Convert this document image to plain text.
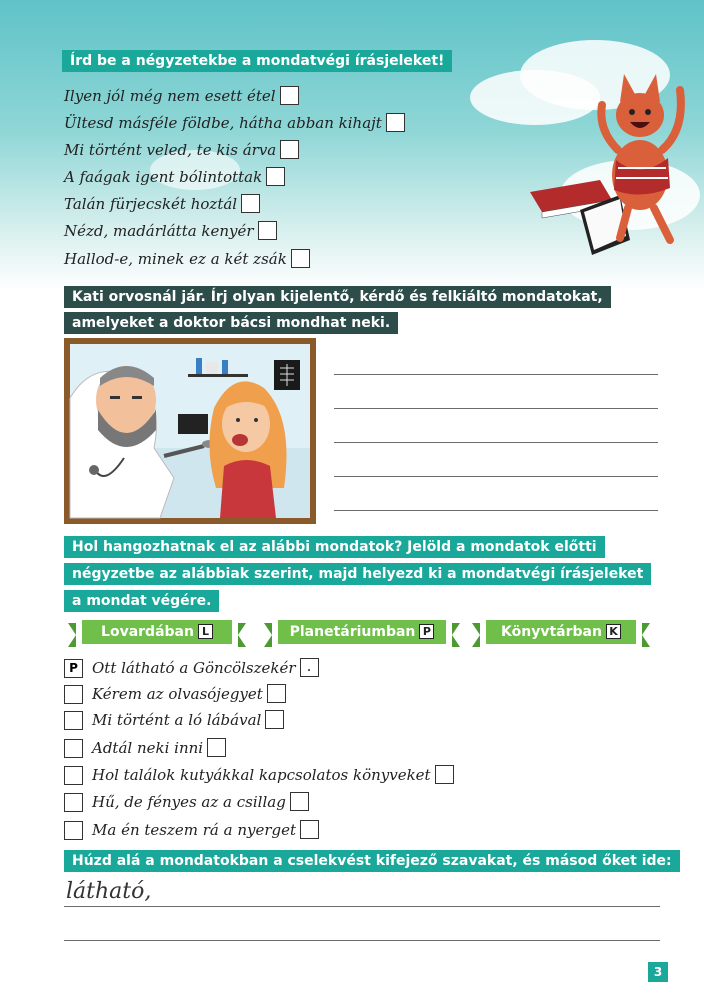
Írd be a négyzetekbe a mondatvégi írásjeleket!
Ilyen jól még nem esett étel
Ültesd másféle földbe, hátha abban kihajt
Mi történt veled, te kis árva
A faágak igent bólintottak
Talán fürjecskét hoztál
Nézd, madárlátta kenyér
Hallod-e, minek ez a két zsák
Kati orvosnál jár. Írj olyan kijelentő, kérdő és felkiáltó mondatokat,
amelyeket a doktor bácsi mondhat neki.
Hol hangozhatnak el az alábbi mondatok? Jelöld a mondatok előtti
négyzetbe az alábbiak szerint, majd helyezd ki a mondatvégi írásjeleket
a mondat végére.
Lovardában L	Planetáriumban P	Könyvtárban K
P Ott látható a Göncölszekér .
Kérem az olvasójegyet
Mi történt a ló lábával
Adtál neki inni
Hol találok kutyákkal kapcsolatos könyveket
Hű, de fényes az a csillag
Ma én teszem rá a nyerget
Húzd alá a mondatokban a cselekvést kifejező szavakat, és másod őket ide:
látható,
3
